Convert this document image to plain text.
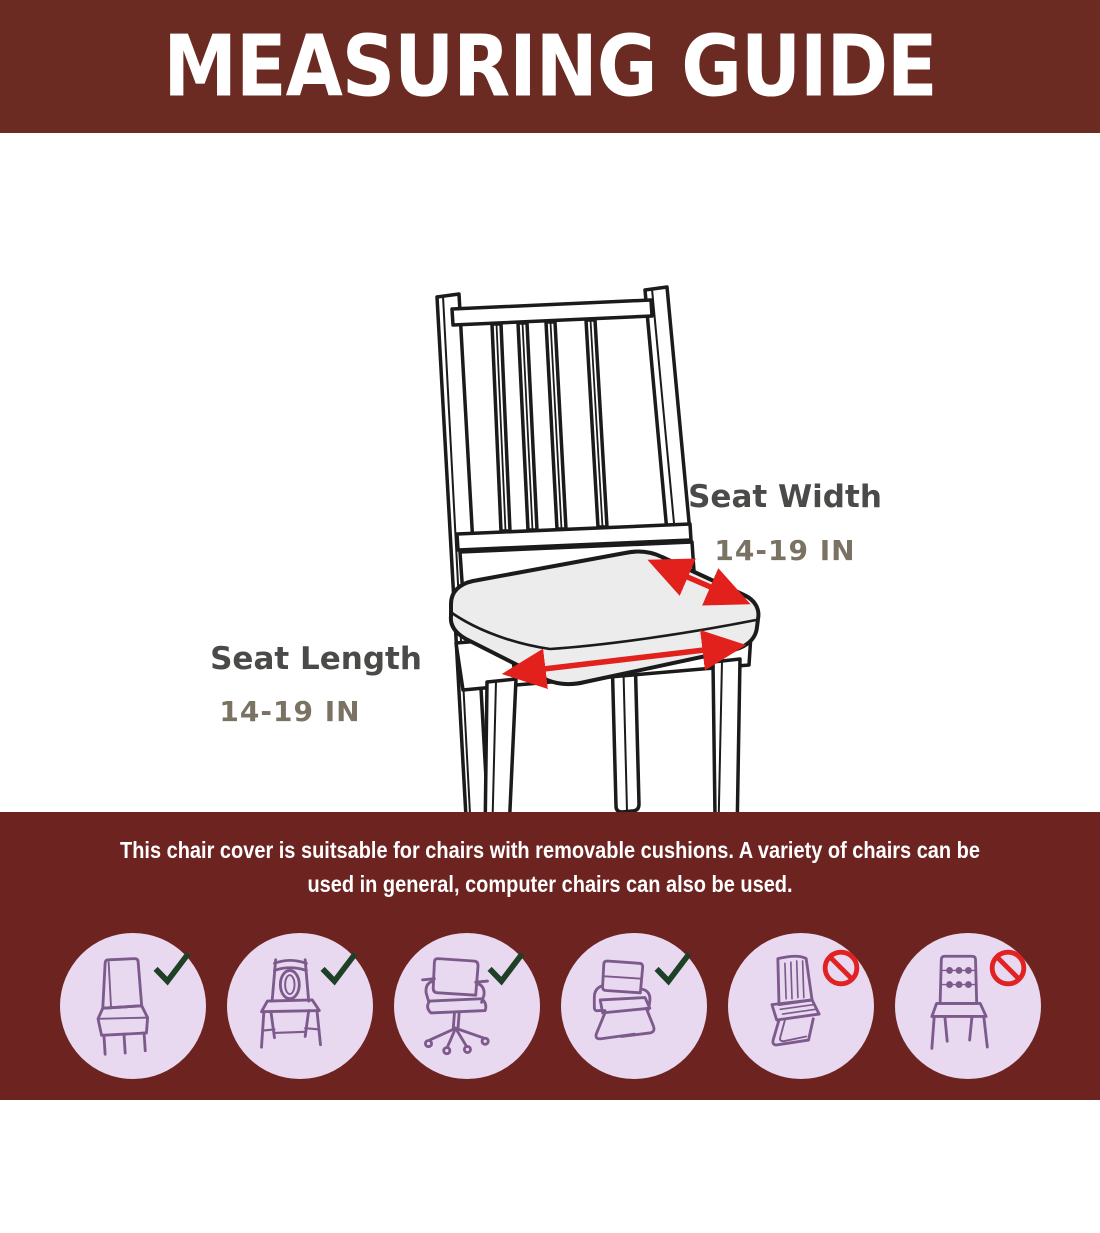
MEASURING GUIDE
Seat Width
14-19 IN
Seat Length
14-19 IN
This chair cover is suitsable for chairs with removable cushions. A variety of chairs can be
used in general, computer chairs can also be used.
